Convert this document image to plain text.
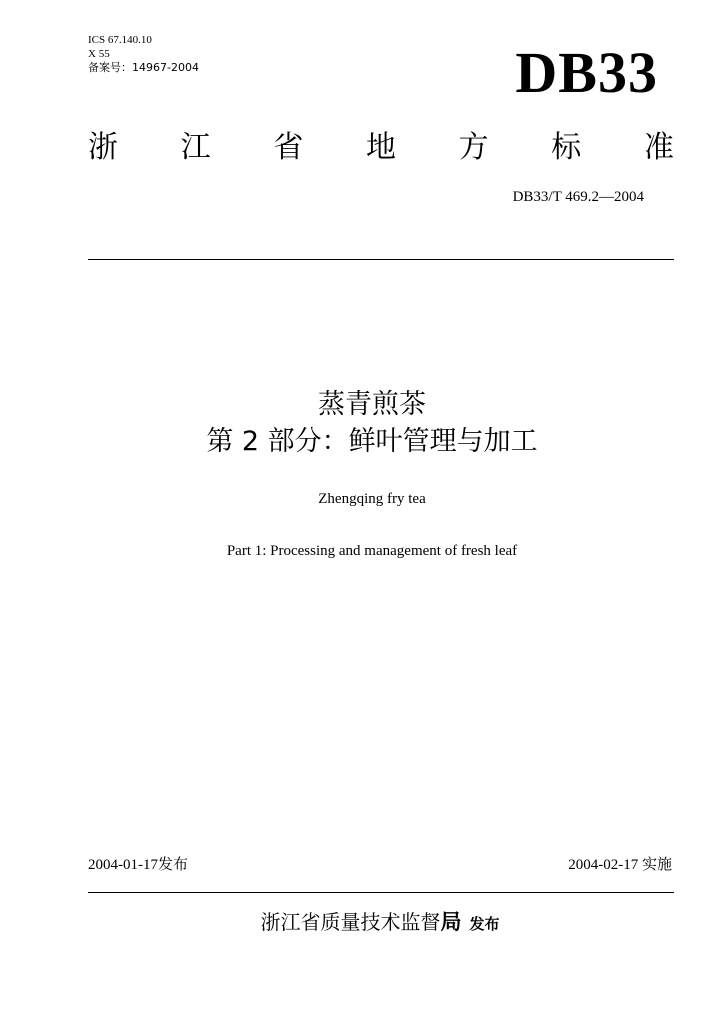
ICS 67.140.10
X 55
备案号：14967-2004	DB33
浙 江 省 地 方 标 准
DB33/T 469.2—2004
蒸青煎茶
第 2 部分：鲜叶管理与加工
Zhengqing fry tea
Part 1: Processing and management of fresh leaf
2004-01-17发布	2004-02-17 实施
浙江省质量技术监督局 发布
